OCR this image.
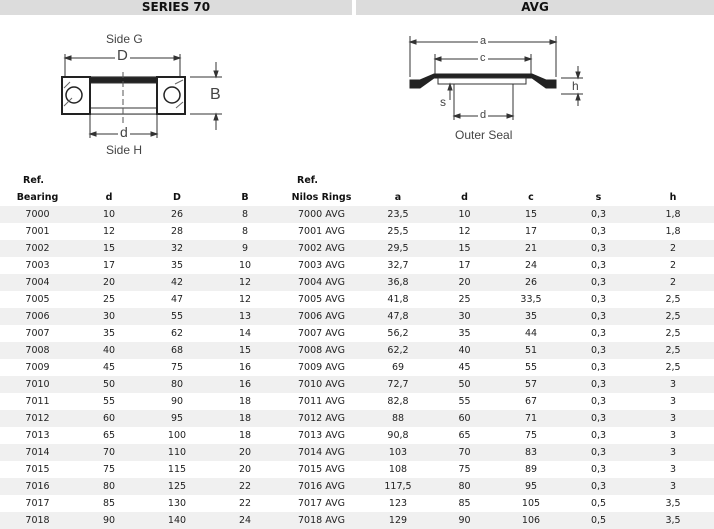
SERIES 70	AVG
Side G
D
B
d
Side H
a
c
h
s
d
Outer Seal
Ref.				Ref.					
Bearing	d	D	B	Nilos Rings	a	d	c	s	h
7000	10	26	8	7000 AVG	23,5	10	15	0,3	1,8
7001	12	28	8	7001 AVG	25,5	12	17	0,3	1,8
7002	15	32	9	7002 AVG	29,5	15	21	0,3	2
7003	17	35	10	7003 AVG	32,7	17	24	0,3	2
7004	20	42	12	7004 AVG	36,8	20	26	0,3	2
7005	25	47	12	7005 AVG	41,8	25	33,5	0,3	2,5
7006	30	55	13	7006 AVG	47,8	30	35	0,3	2,5
7007	35	62	14	7007 AVG	56,2	35	44	0,3	2,5
7008	40	68	15	7008 AVG	62,2	40	51	0,3	2,5
7009	45	75	16	7009 AVG	69	45	55	0,3	2,5
7010	50	80	16	7010 AVG	72,7	50	57	0,3	3
7011	55	90	18	7011 AVG	82,8	55	67	0,3	3
7012	60	95	18	7012 AVG	88	60	71	0,3	3
7013	65	100	18	7013 AVG	90,8	65	75	0,3	3
7014	70	110	20	7014 AVG	103	70	83	0,3	3
7015	75	115	20	7015 AVG	108	75	89	0,3	3
7016	80	125	22	7016 AVG	117,5	80	95	0,3	3
7017	85	130	22	7017 AVG	123	85	105	0,5	3,5
7018	90	140	24	7018 AVG	129	90	106	0,5	3,5
